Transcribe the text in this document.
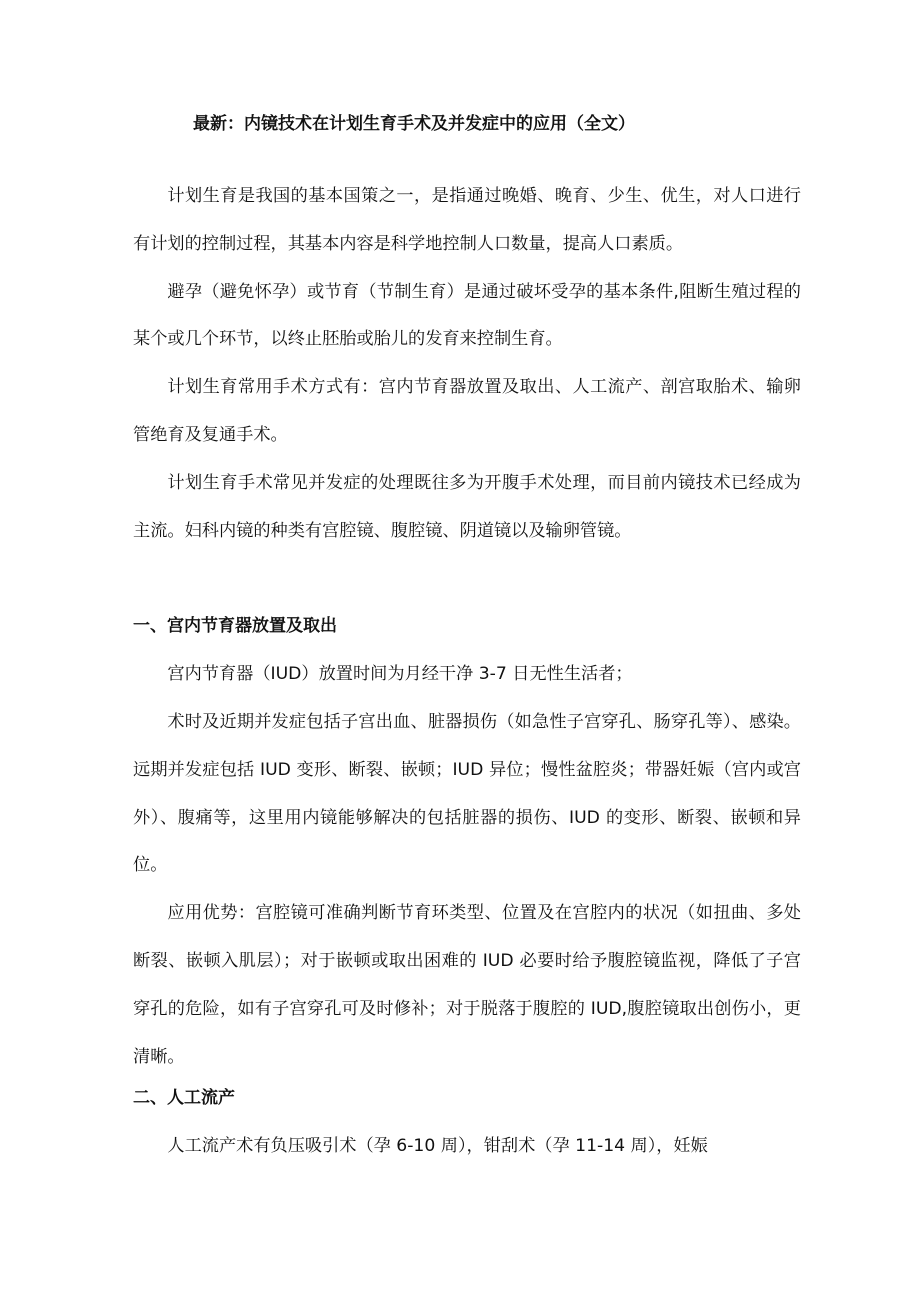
最新：内镜技术在计划生育手术及并发症中的应用（全文）

计划生育是我国的基本国策之一，是指通过晚婚、晚育、少生、优生，对人口进行有计划的控制过程，其基本内容是科学地控制人口数量，提高人口素质。

避孕（避免怀孕）或节育（节制生育）是通过破坏受孕的基本条件,阻断生殖过程的某个或几个环节，以终止胚胎或胎儿的发育来控制生育。

计划生育常用手术方式有：宫内节育器放置及取出、人工流产、剖宫取胎术、输卵管绝育及复通手术。

计划生育手术常见并发症的处理既往多为开腹手术处理，而目前内镜技术已经成为主流。妇科内镜的种类有宫腔镜、腹腔镜、阴道镜以及输卵管镜。

一、宫内节育器放置及取出

宫内节育器（IUD）放置时间为月经干净 3-7 日无性生活者；

术时及近期并发症包括子宫出血、脏器损伤（如急性子宫穿孔、肠穿孔等）、感染。远期并发症包括 IUD 变形、断裂、嵌顿；IUD 异位；慢性盆腔炎；带器妊娠（宫内或宫外）、腹痛等，这里用内镜能够解决的包括脏器的损伤、IUD 的变形、断裂、嵌顿和异位。

应用优势：宫腔镜可准确判断节育环类型、位置及在宫腔内的状况（如扭曲、多处断裂、嵌顿入肌层）；对于嵌顿或取出困难的 IUD 必要时给予腹腔镜监视，降低了子宫穿孔的危险，如有子宫穿孔可及时修补；对于脱落于腹腔的 IUD,腹腔镜取出创伤小，更清晰。

二、人工流产

人工流产术有负压吸引术（孕 6-10 周），钳刮术（孕 11-14 周），妊娠
